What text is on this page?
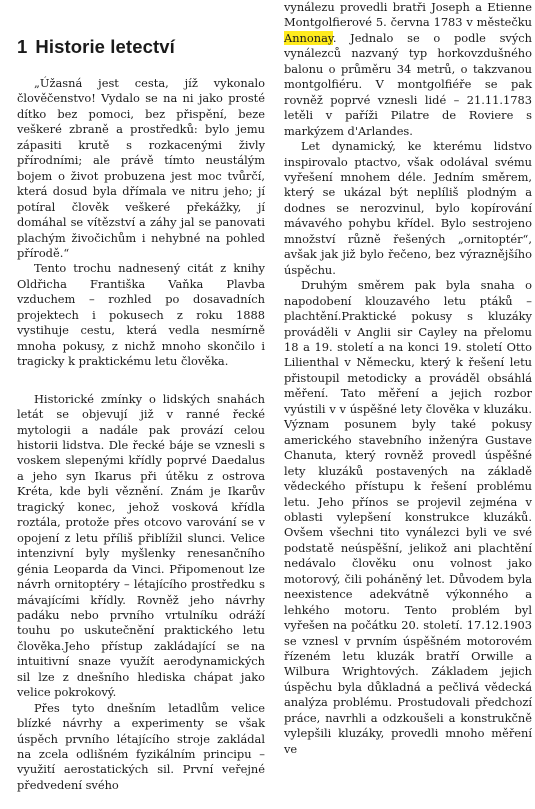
1 Historie letectví

„Úžasná jest cesta, jíž vykonalo člověčenstvo! Vydalo se na ni jako prosté dítko bez pomoci, bez přispění, beze veškeré zbraně a prostředků: bylo jemu zápasiti krutě s rozkacenými živly přírodními; ale právě tímto neustálým bojem o život probuzena jest moc tvůrčí, která dosud byla dřímala ve nitru jeho; jí potíral člověk veškeré překážky, jí domáhal se vítězství a záhy jal se panovati plachým živočichům i nehybné na pohled přírodě.“

Tento trochu nadnesený citát z knihy Oldřicha Františka Vaňka Plavba vzduchem – rozhled po dosavadních projektech i pokusech z roku 1888 vystihuje cestu, která vedla nesmírně mnoha pokusy, z nichž mnoho skončilo i tragicky k praktickému letu člověka.

Historické zmínky o lidských snahách letát se objevují již v ranné řecké mytologii a nadále pak provází celou historii lidstva. Dle řecké báje se vznesli s voskem slepenými křídly poprvé Daedalus a jeho syn Ikarus při útěku z ostrova Kréta, kde byli věznění. Znám je Ikarův tragický konec, jehož vosková křídla roztála, protože přes otcovo varování se v opojení z letu příliš přiblížil slunci. Velice intenzivní byly myšlenky renesančního génia Leoparda da Vinci. Připomenout lze návrh ornitoptéry – létajícího prostředku s mávajícími křídly. Rovněž jeho návrhy padáku nebo prvního vrtulníku odráží touhu po uskutečnění praktického letu člověka.Jeho přístup zakládající se na intuitivní snaze využít aerodynamických sil lze z dnešního hlediska chápat jako velice pokrokový.

Přes tyto dnešním letadlům velice blízké návrhy a experimenty se však úspěch prvního létajícího stroje zakládal na zcela odlišném fyzikálním principu – využití aerostatických sil. První veřejné předvedení svého

vynálezu provedli bratři Joseph a Etienne Montgolfierové 5. června 1783 v městečku Annonay. Jednalo se o podle svých vynálezců nazvaný typ horkovzdušného balonu o průměru 34 metrů, o takzvanou montgolfiéru. V montgolfiéře se pak rovněž poprvé vznesli lidé – 21.11.1783 letěli v paříži Pilatre de Roviere s markýzem d'Arlandes.

Let dynamický, ke kterému lidstvo inspirovalo ptactvo, však odolával svému vyřešení mnohem déle. Jedním směrem, který se ukázal být neplíliš plodným a dodnes se nerozvinul, bylo kopírování mávavého pohybu křídel. Bylo sestrojeno množství různě řešených „ornitoptér“, avšak jak již bylo řečeno, bez výraznějšího úspěchu.

Druhým směrem pak byla snaha o napodobení klouzavého letu ptáků – plachtění.Praktické pokusy s kluzáky prováděli v Anglii sir Cayley na přelomu 18 a 19. století a na konci 19. století Otto Lilienthal v Německu, který k řešení letu přistoupil metodicky a prováděl obsáhlá měření. Tato měření a jejich rozbor vyústili v v úspěšné lety člověka v kluzáku. Význam posunem byly také pokusy amerického stavebního inženýra Gustave Chanuta, který rovněž provedl úspěšné lety kluzáků postavených na základě vědeckého přístupu k řešení problému letu. Jeho přínos se projevil zejména v oblasti vylepšení konstrukce kluzáků. Ovšem všechni tito vynálezci byli ve své podstatě neúspěšní, jelikož ani plachtění nedávalo člověku onu volnost jako motorový, čili poháněný let. Důvodem byla neexistence adekvátně výkonného a lehkého motoru. Tento problém byl vyřešen na počátku 20. století. 17.12.1903 se vznesl v prvním úspěšném motorovém řízeném letu kluzák bratří Orwille a Wilbura Wrightových. Základem jejich úspěchu byla důkladná a pečlivá vědecká analýza problému. Prostudovali předchozí práce, navrhli a odzkoušeli a konstrukčně vylepšili kluzáky, provedli mnoho měření ve
